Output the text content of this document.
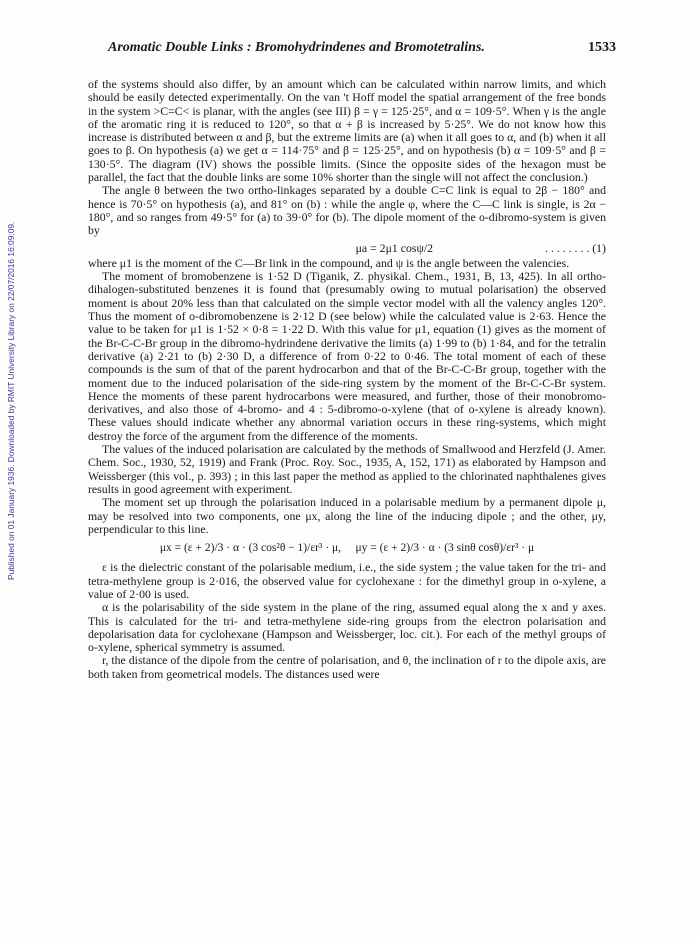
Published on 01 January 1936. Downloaded by RMIT University Library on 22/07/2016 16:09:09.
Aromatic Double Links : Bromohydrindenes and Bromotetralins.	1533

of the systems should also differ, by an amount which can be calculated within narrow limits, and which should be easily detected experimentally. On the van 't Hoff model the spatial arrangement of the free bonds in the system >C=C< is planar, with the angles (see III) β = γ = 125·25°, and α = 109·5°. When γ is the angle of the aromatic ring it is reduced to 120°, so that α + β is increased by 5·25°. We do not know how this increase is distributed between α and β, but the extreme limits are (a) when it all goes to α, and (b) when it all goes to β. On hypothesis (a) we get α = 114·75° and β = 125·25°, and on hypothesis (b) α = 109·5° and β = 130·5°. The diagram (IV) shows the possible limits. (Since the opposite sides of the hexagon must be parallel, the fact that the double links are some 10% shorter than the single will not affect the conclusion.)

The angle θ between the two ortho-linkages separated by a double C=C link is equal to 2β − 180° and hence is 70·5° on hypothesis (a), and 81° on (b) : while the angle φ, where the C—C link is single, is 2α − 180°, and so ranges from 49·5° for (a) to 39·0° for (b). The dipole moment of the o-dibromo-system is given by

μa = 2μ1 cosψ/2	. . . . . . . . (1)

where μ1 is the moment of the C—Br link in the compound, and ψ is the angle between the valencies.

The moment of bromobenzene is 1·52 D (Tiganik, Z. physikal. Chem., 1931, B, 13, 425). In all ortho-dihalogen-substituted benzenes it is found that (presumably owing to mutual polarisation) the observed moment is about 20% less than that calculated on the simple vector model with all the valency angles 120°. Thus the moment of o-dibromobenzene is 2·12 D (see below) while the calculated value is 2·63. Hence the value to be taken for μ1 is 1·52 × 0·8 = 1·22 D. With this value for μ1, equation (1) gives as the moment of the Br-C-C-Br group in the dibromo-hydrindene derivative the limits (a) 1·99 to (b) 1·84, and for the tetralin derivative (a) 2·21 to (b) 2·30 D, a difference of from 0·22 to 0·46. The total moment of each of these compounds is the sum of that of the parent hydrocarbon and that of the Br-C-C-Br group, together with the moment due to the induced polarisation of the side-ring system by the moment of the Br-C-C-Br system. Hence the moments of these parent hydrocarbons were measured, and further, those of their monobromo-derivatives, and also those of 4-bromo- and 4 : 5-dibromo-o-xylene (that of o-xylene is already known). These values should indicate whether any abnormal variation occurs in these ring-systems, which might destroy the force of the argument from the difference of the moments.

The values of the induced polarisation are calculated by the methods of Smallwood and Herzfeld (J. Amer. Chem. Soc., 1930, 52, 1919) and Frank (Proc. Roy. Soc., 1935, A, 152, 171) as elaborated by Hampson and Weissberger (this vol., p. 393) ; in this last paper the method as applied to the chlorinated naphthalenes gives results in good agreement with experiment.

The moment set up through the polarisation induced in a polarisable medium by a permanent dipole μ, may be resolved into two components, one μx, along the line of the inducing dipole ; and the other, μy, perpendicular to this line.

μx = (ε + 2)/3 · α · (3 cos²θ − 1)/εr³ · μ, μy = (ε + 2)/3 · α · (3 sinθ cosθ)/εr³ · μ

ε is the dielectric constant of the polarisable medium, i.e., the side system ; the value taken for the tri- and tetra-methylene group is 2·016, the observed value for cyclohexane : for the dimethyl group in o-xylene, a value of 2·00 is used.

α is the polarisability of the side system in the plane of the ring, assumed equal along the x and y axes. This is calculated for the tri- and tetra-methylene side-ring groups from the electron polarisation and depolarisation data for cyclohexane (Hampson and Weissberger, loc. cit.). For each of the methyl groups of o-xylene, spherical symmetry is assumed.

r, the distance of the dipole from the centre of polarisation, and θ, the inclination of r to the dipole axis, are both taken from geometrical models. The distances used were
